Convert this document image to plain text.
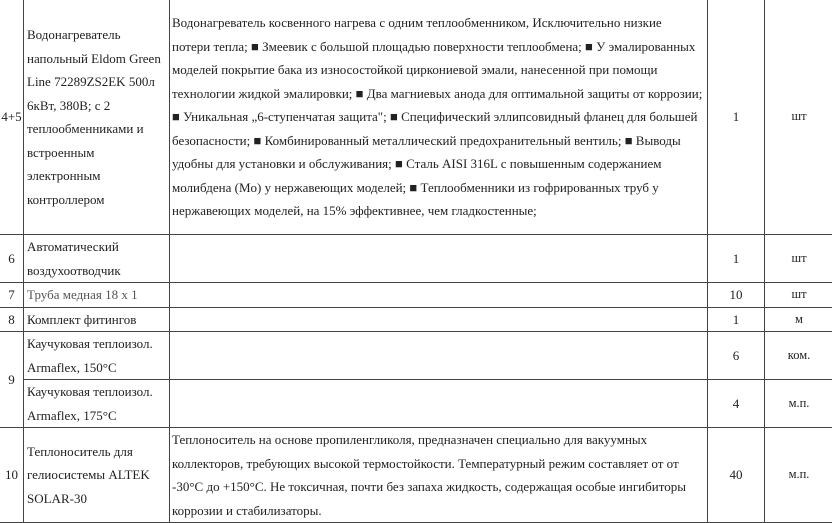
4+5	Водонагреватель напольный Eldom Green Line 72289ZS2EK 500л 6кВт, 380В; с 2 теплообменниками и встроенным электронным контроллером	Водонагреватель косвенного нагрева с одним теплообменником, Исключительно низкие потери тепла; ■ Змеевик с большой площадью поверхности теплообмена; ■ У эмалированных моделей покрытие бака из износостойкой циркониевой эмали, нанесенной при помощи технологии жидкой эмалировки; ■ Два магниевых анода для оптимальной защиты от коррозии; ■ Уникальная „6-ступенчатая защита"; ■ Специфический эллипсовидный фланец для большей безопасности; ■ Комбинированный металлический предохранительный вентиль; ■ Выводы удобны для установки и обслуживания; ■ Сталь AISI 316L с повышенным содержанием молибдена (Mo) у нержавеющих моделей; ■ Теплообменники из гофрированных труб у нержавеющих моделей, на 15% эффективнее, чем гладкостенные;	1	шт
6	Автоматический воздухоотводчик		1	шт
7	Труба медная 18 х 1		10	шт
8	Комплект фитингов		1	м
9	Каучуковая теплоизол. Armaflex, 150°С		6	ком.
	Каучуковая теплоизол. Armaflex, 175°С		4	м.п.
10	Теплоноситель для гелиосистемы ALTEK SOLAR-30	Теплоноситель на основе пропиленгликоля, предназначен специально для вакуумных коллекторов, требующих высокой термостойкости. Температурный режим составляет от от -30°С до +150°С. Не токсичная, почти без запаха жидкость, содержащая особые ингибиторы коррозии и стабилизаторы.	40	м.п.
